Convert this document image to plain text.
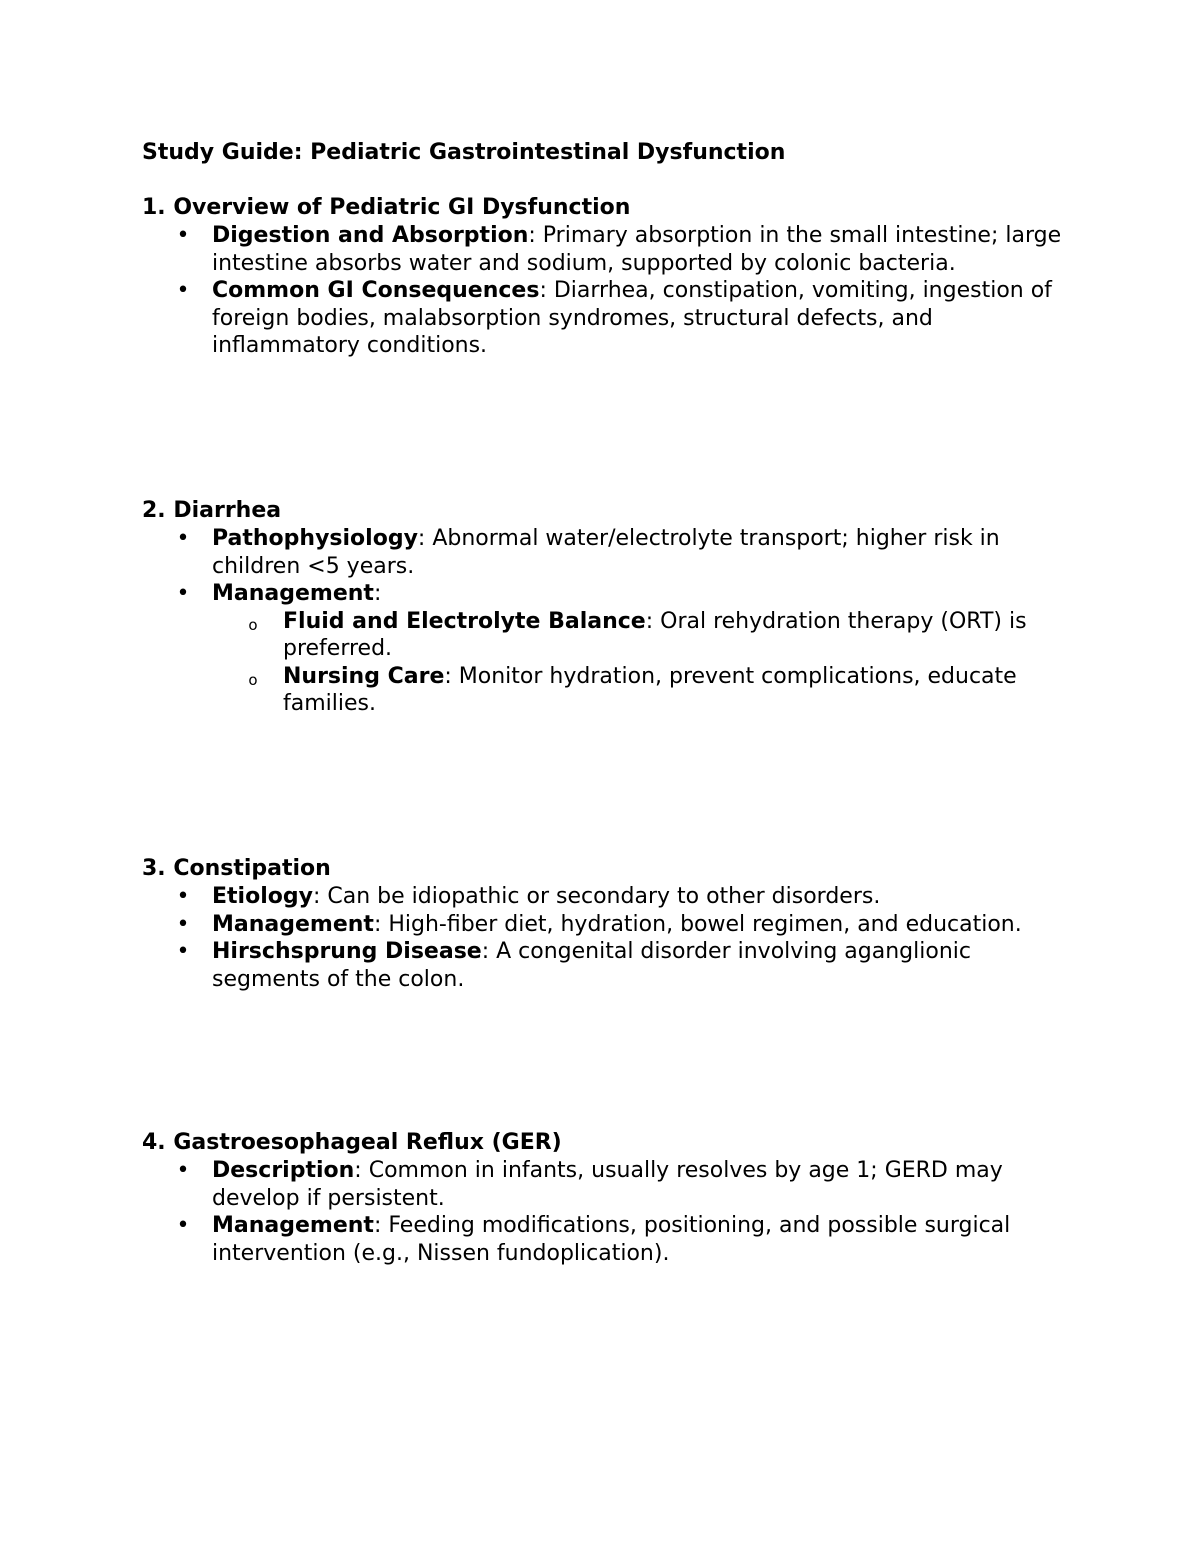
Study Guide: Pediatric Gastrointestinal Dysfunction
1. Overview of Pediatric GI Dysfunction
• Digestion and Absorption: Primary absorption in the small intestine; large intestine absorbs water and sodium, supported by colonic bacteria.
• Common GI Consequences: Diarrhea, constipation, vomiting, ingestion of foreign bodies, malabsorption syndromes, structural defects, and inflammatory conditions.
2. Diarrhea
• Pathophysiology: Abnormal water/electrolyte transport; higher risk in children <5 years.
• Management:
o Fluid and Electrolyte Balance: Oral rehydration therapy (ORT) is preferred.
o Nursing Care: Monitor hydration, prevent complications, educate families.
3. Constipation
• Etiology: Can be idiopathic or secondary to other disorders.
• Management: High-fiber diet, hydration, bowel regimen, and education.
• Hirschsprung Disease: A congenital disorder involving aganglionic segments of the colon.
4. Gastroesophageal Reflux (GER)
• Description: Common in infants, usually resolves by age 1; GERD may develop if persistent.
• Management: Feeding modifications, positioning, and possible surgical intervention (e.g., Nissen fundoplication).
